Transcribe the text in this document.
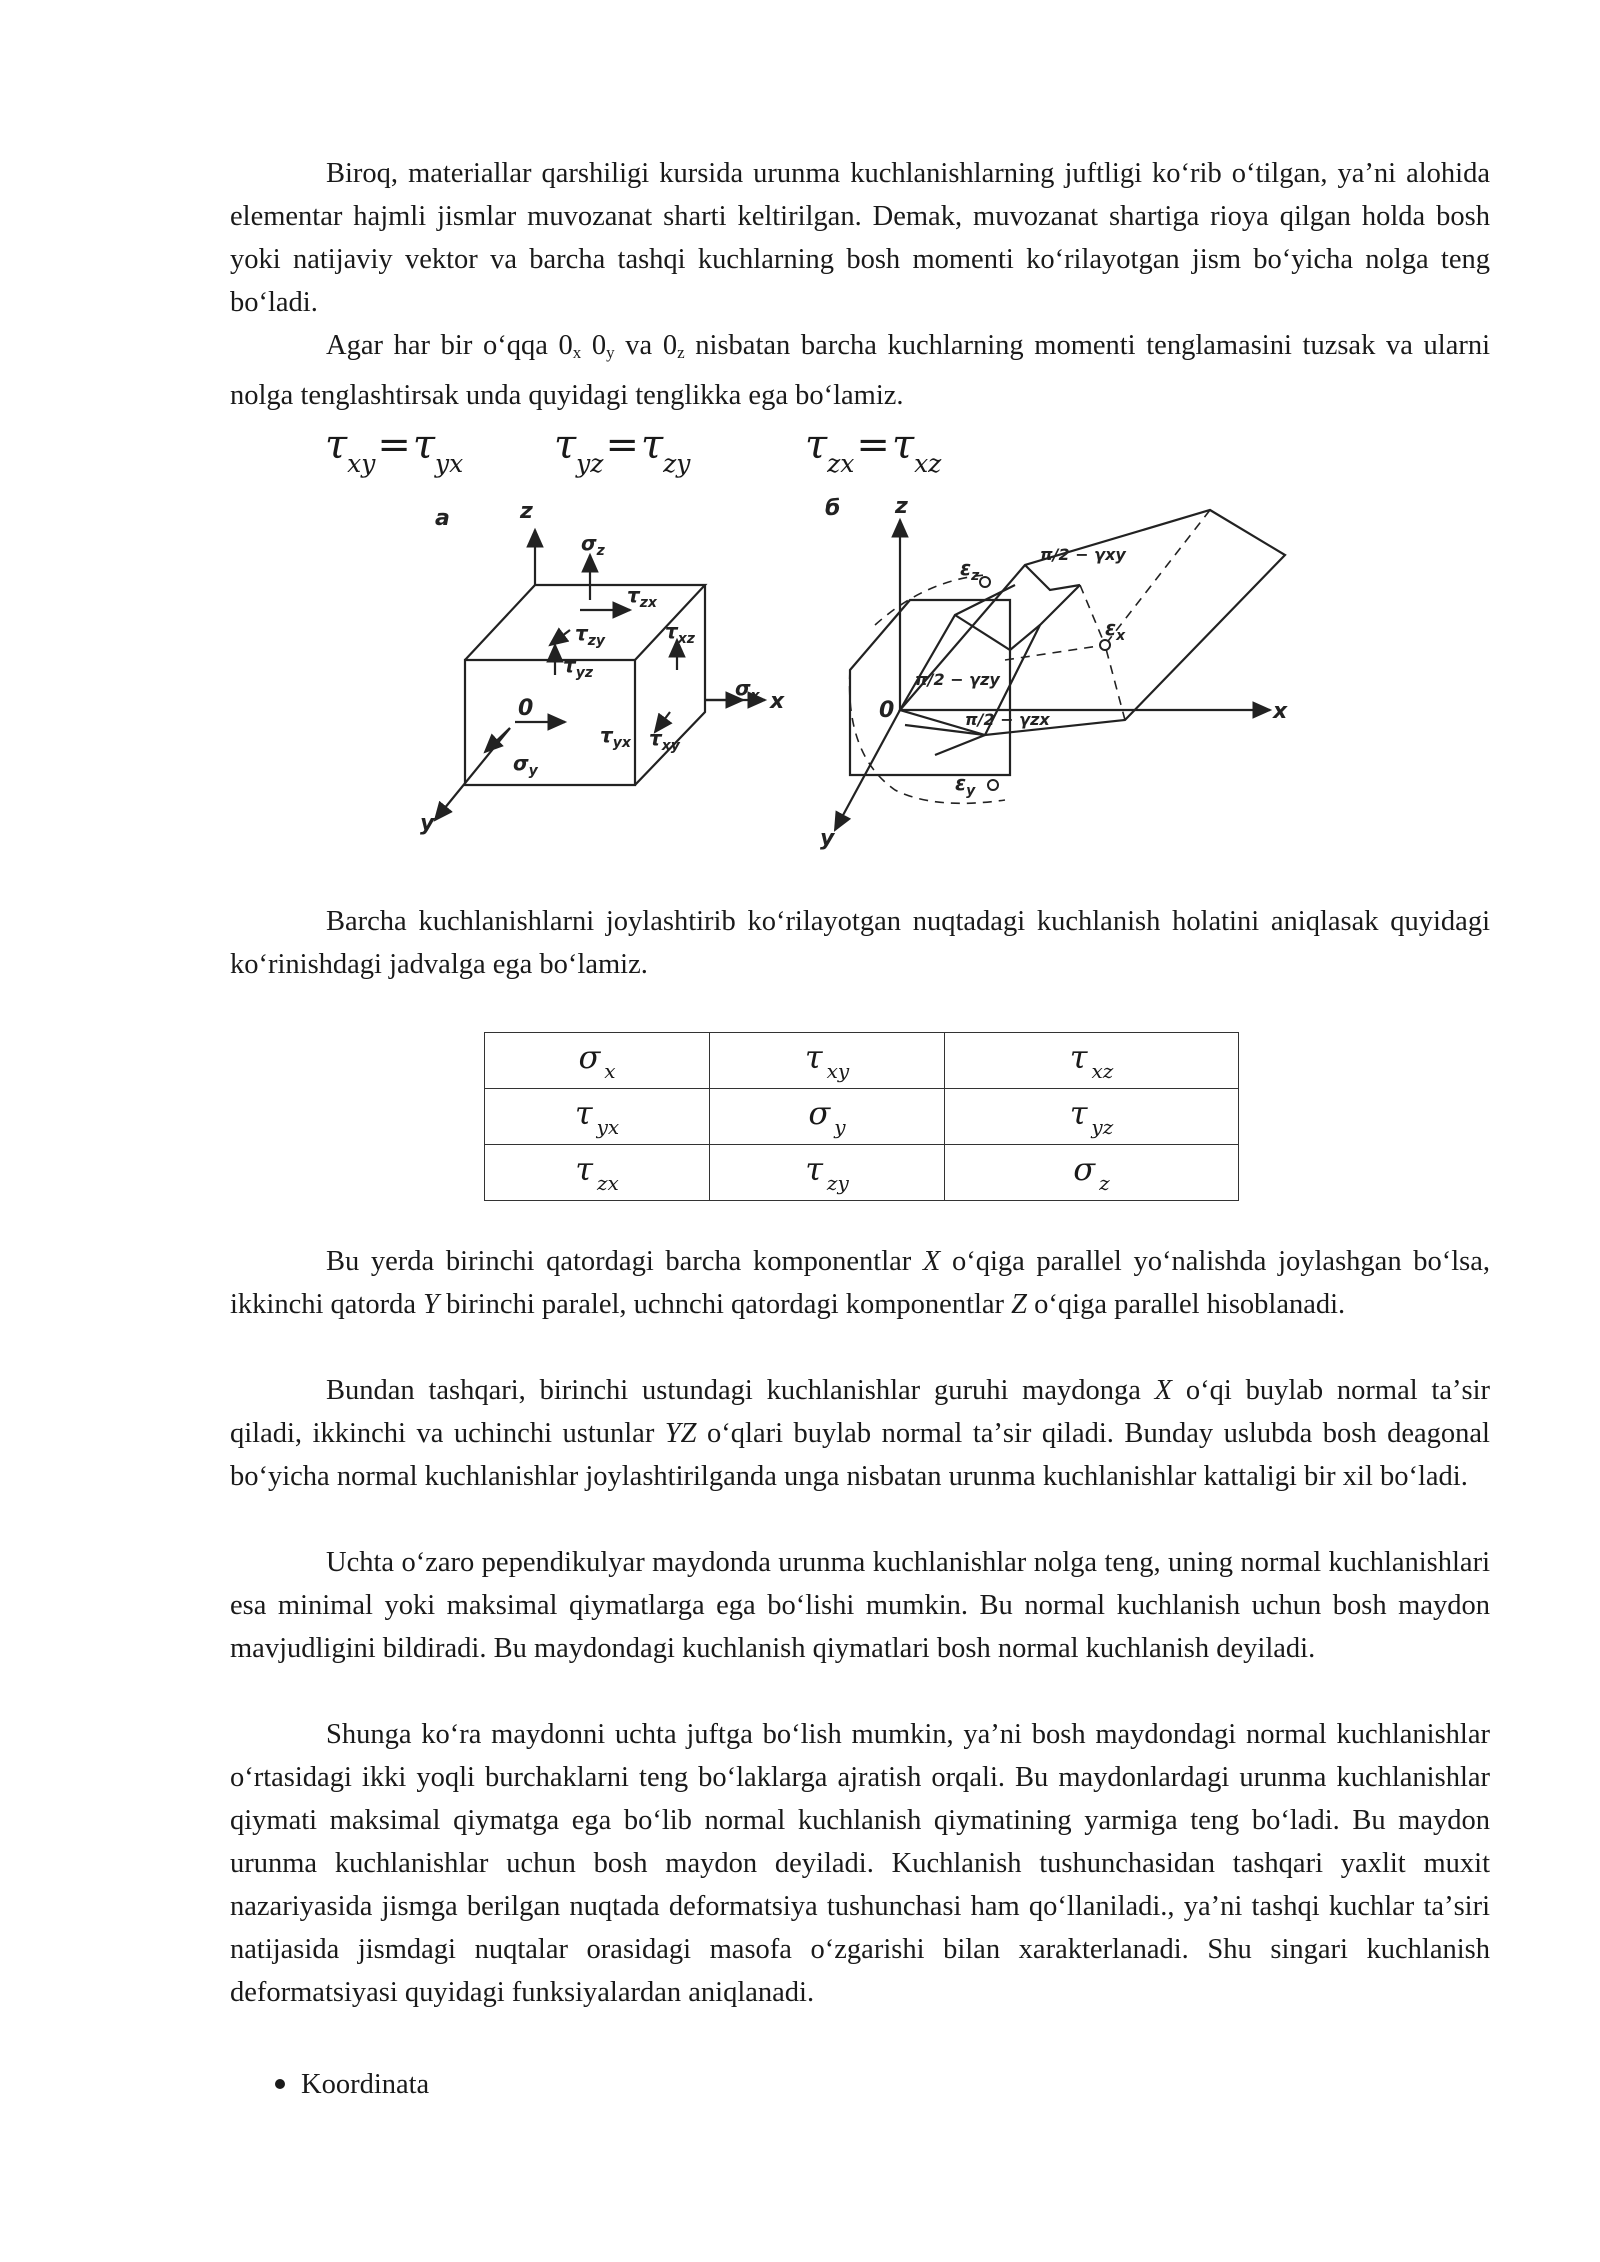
Biroq, materiallar qarshiligi kursida urunma kuchlanishlarning juftligi koʻrib oʻtilgan, yaʼni alohida elementar hajmli jismlar muvozanat sharti keltirilgan. Demak, muvozanat shartiga rioya qilgan holda bosh yoki natijaviy vektor va barcha tashqi kuchlarning bosh momenti koʻrilayotgan jism boʻyicha nolga teng boʻladi.

Agar har bir oʻqqa $0_x$ $0_y$ va $0_z$ nisbatan barcha kuchlarning momenti tenglamasini tuzsak va ularni nolga tenglashtirsak unda quyidagi tenglikka ega boʻlamiz.

$\tau_{xy}=\tau_{yx}$ $\tau_{yz}=\tau_{zy}$	$\tau_{zx}=\tau_{xz}$
a	z
x
y
0
$\sigma_z$
$\tau_{zx}$
$\tau_{zy}$
$\tau_{yz}$
$\tau_{xz}$
$\sigma_x$
$\tau_{yx}$ $\tau_{xy}$
$\sigma_y$
б z
x
y
0
$\varepsilon_z$
$\varepsilon_x$
$\varepsilon_y$
π/2 − γxy
π/2 − γzy
π/2 − γzx

Barcha kuchlanishlarni joylashtirib koʻrilayotgan nuqtadagi kuchlanish holatini aniqlasak quyidagi koʻrinishdagi jadvalga ega boʻlamiz.

σ $_x$	τ $_{xy}$	τ $_{xz}$
τ $_{yx}$	σ $_y$	τ $_{yz}$
τ $_{zx}$	τ $_{zy}$	σ $_z$

Bu yerda birinchi qatordagi barcha komponentlar X oʻqiga parallel yoʻnalishda joylashgan boʻlsa, ikkinchi qatorda Y birinchi paralel, uchnchi qatordagi komponentlar Z oʻqiga parallel hisoblanadi.

Bundan tashqari, birinchi ustundagi kuchlanishlar guruhi maydonga X oʻqi buylab normal taʼsir qiladi, ikkinchi va uchinchi ustunlar YZ oʻqlari buylab normal taʼsir qiladi. Bunday uslubda bosh deagonal boʻyicha normal kuchlanishlar joylashtirilganda unga nisbatan urunma kuchlanishlar kattaligi bir xil boʻladi.

Uchta oʻzaro pependikulyar maydonda urunma kuchlanishlar nolga teng, uning normal kuchlanishlari esa minimal yoki maksimal qiymatlarga ega boʻlishi mumkin. Bu normal kuchlanish uchun bosh maydon mavjudligini bildiradi. Bu maydondagi kuchlanish qiymatlari bosh normal kuchlanish deyiladi.

Shunga koʻra maydonni uchta juftga boʻlish mumkin, yaʼni bosh maydondagi normal kuchlanishlar oʻrtasidagi ikki yoqli burchaklarni teng boʻlaklarga ajratish orqali. Bu maydonlardagi urunma kuchlanishlar qiymati maksimal qiymatga ega boʻlib normal kuchlanish qiymatining yarmiga teng boʻladi. Bu maydon urunma kuchlanishlar uchun bosh maydon deyiladi. Kuchlanish tushunchasidan tashqari yaxlit muxit nazariyasida jismga berilgan nuqtada deformatsiya tushunchasi ham qoʻllaniladi., yaʼni tashqi kuchlar taʼsiri natijasida jismdagi nuqtalar orasidagi masofa oʻzgarishi bilan xarakterlanadi. Shu singari kuchlanish deformatsiyasi quyidagi funksiyalardan aniqlanadi.

Koordinata
